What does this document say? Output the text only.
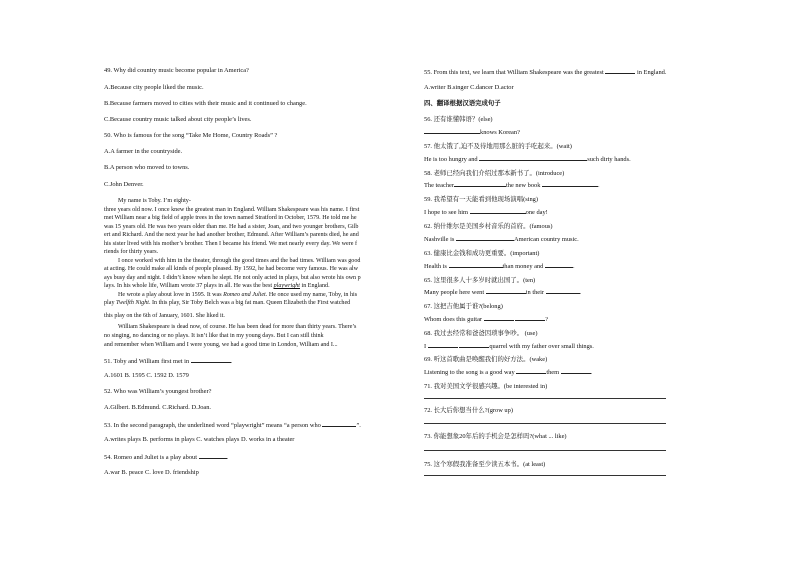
49. Why did country music become popular in America?
A.Because city people liked the music.
B.Because farmers moved to cities with their music and it continued to change.
C.Because country music talked about city people’s lives.
50. Who is famous for the song “Take Me Home, Country Roads” ?
A.A farmer in the countryside.
B.A person who moved to towns.
C.John Denver.
My name is Toby. I’m eighty-
three years old now. I once knew the greatest man in England. William Shakespeare was his name. I first
met William near a big field of apple trees in the town named Stratford in October, 1579. He told me he
was 15 years old. He was two years older than me. He had a sister, Joan, and two younger brothers, Gilb
ert and Richard. And the next year he had another brother, Edmund. After William’s parents died, he and
his sister lived with his mother’s brother. Then I became his friend. We met nearly every day. We were f
riends for thirty years.
I once worked with him in the theater, through the good times and the bad times. William was good
at acting. He could make all kinds of people pleased. By 1592, he had become very famous. He was alw
ays busy day and night. I didn’t know when he slept. He not only acted in plays, but also wrote his own p
lays. In his whole life, William wrote 37 plays in all. He was the best playwright in England.
He wrote a play about love in 1595. It was Romeo and Juliet. He once used my name, Toby, in his
play Twelfth Night. In this play, Sir Toby Belch was a big fat man. Queen Elizabeth the First watched
this play on the 6th of January, 1601. She liked it.
William Shakespeare is dead now, of course. He has been dead for more than thirty years. There’s
no singing, no dancing or no plays. It isn’t like that in my young days. But I can still think
and remember when William and I were young, we had a good time in London, William and I...
51. Toby and William first met in	.
A.1601 B. 1595 C. 1592 D. 1579
52. Who was William’s youngest brother?
A.Gilbert. B.Edmund. C.Richard. D.Joan.
53. In the second paragraph, the underlined word “playwright” means “a person who	”.
A.writes plays B. performs in plays C. watches plays D. works in a theater
54. Romeo and Juliet is a play about	.
A.war B. peace C. love D. friendship
55. From this text, we learn that William Shakespeare was the greatest	in England.
A.writer B.singer C.dancer D.actor
四、翻译根据汉语完成句子
56. 还有谁懂韩语？(else)
knows Korean?
57. 他太饿了,迫不及待地用那么脏的手吃起来。(wait)
He is too hungry and	such dirty hands.
58. 老师已经向我们介绍过那本新书了。(introduce)
The teacher	the new book	.
59. 我希望有一天能看到他现场演唱(sing)
I hope to see him	one day!
62. 纳什维尔是美国乡村音乐的首府。(famous)
Nashville is	American country music.
63. 健康比金钱和成功更重要。(important)
Health is	than money and	.
65. 这里很多人十多岁时就出国了。(ten)
Many people here went	in their	.
67. 这把吉他属于谁?(belong)
Whom does this guitar	?
68. 我过去经常和爸爸因琐事争吵。 (use)
I	quarrel with my father over small things.
69. 听这首歌曲是唤醒我们的好方法。(wake)
Listening to the song is a good way	them	.
71. 我对美国文学很感兴趣。(be interested in)
72. 长大后你想当什么?(grow up)
73. 你能想象20年后的手机会是怎样吗?(what ... like)
75. 这个寒假我准备至少读五本书。(at least)
